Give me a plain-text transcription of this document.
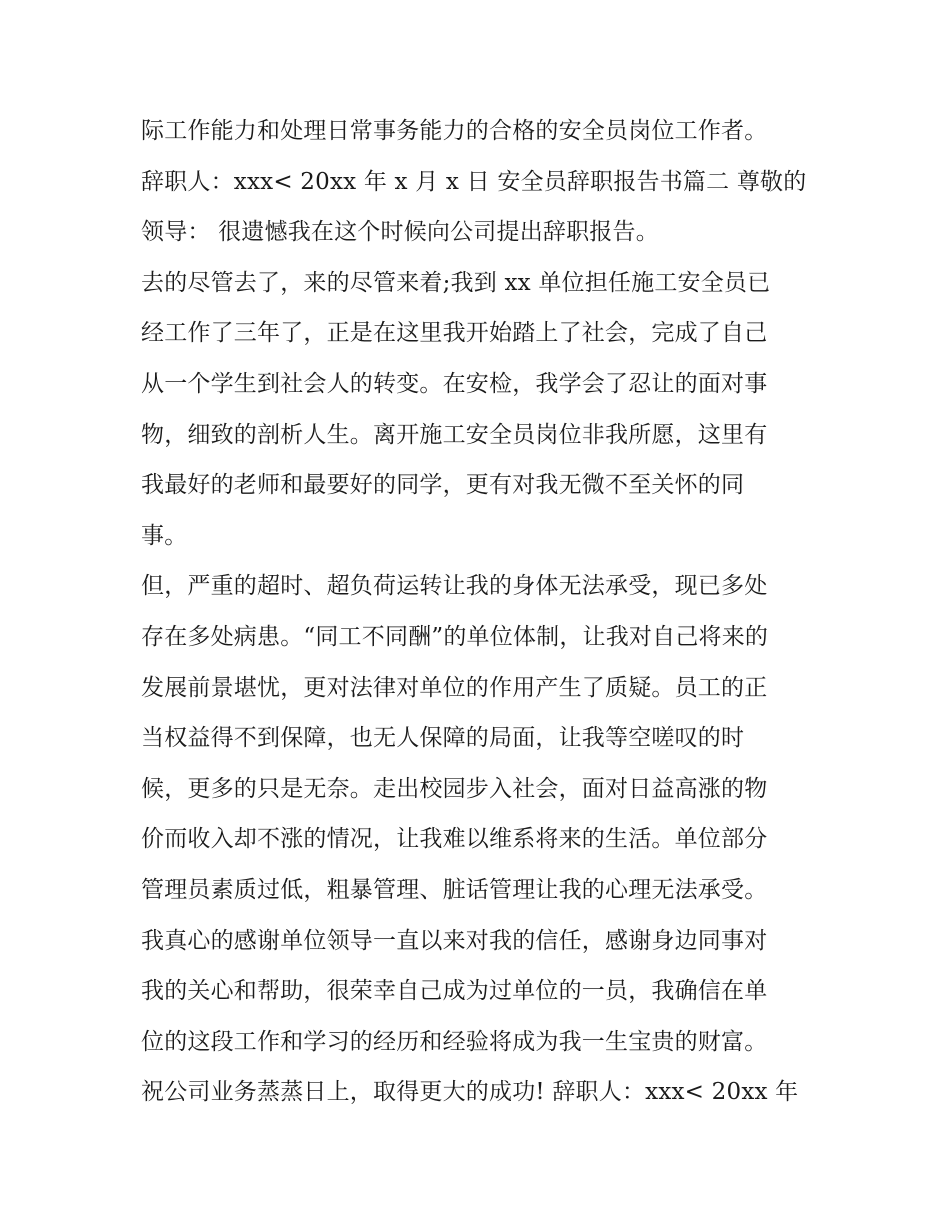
际工作能力和处理日常事务能力的合格的安全员岗位工作者。
辞职人：xxx< 20xx 年 x 月 x 日 安全员辞职报告书篇二 尊敬的
领导： 很遗憾我在这个时候向公司提出辞职报告。
去的尽管去了，来的尽管来着;我到 xx 单位担任施工安全员已
经工作了三年了，正是在这里我开始踏上了社会，完成了自己
从一个学生到社会人的转变。在安检，我学会了忍让的面对事
物，细致的剖析人生。离开施工安全员岗位非我所愿，这里有
我最好的老师和最要好的同学，更有对我无微不至关怀的同
事。
但，严重的超时、超负荷运转让我的身体无法承受，现已多处
存在多处病患。“同工不同酬”的单位体制，让我对自己将来的
发展前景堪忧，更对法律对单位的作用产生了质疑。员工的正
当权益得不到保障，也无人保障的局面，让我等空嗟叹的时
候，更多的只是无奈。走出校园步入社会，面对日益高涨的物
价而收入却不涨的情况，让我难以维系将来的生活。单位部分
管理员素质过低，粗暴管理、脏话管理让我的心理无法承受。
我真心的感谢单位领导一直以来对我的信任，感谢身边同事对
我的关心和帮助，很荣幸自己成为过单位的一员，我确信在单
位的这段工作和学习的经历和经验将成为我一生宝贵的财富。
祝公司业务蒸蒸日上，取得更大的成功! 辞职人：xxx< 20xx 年
